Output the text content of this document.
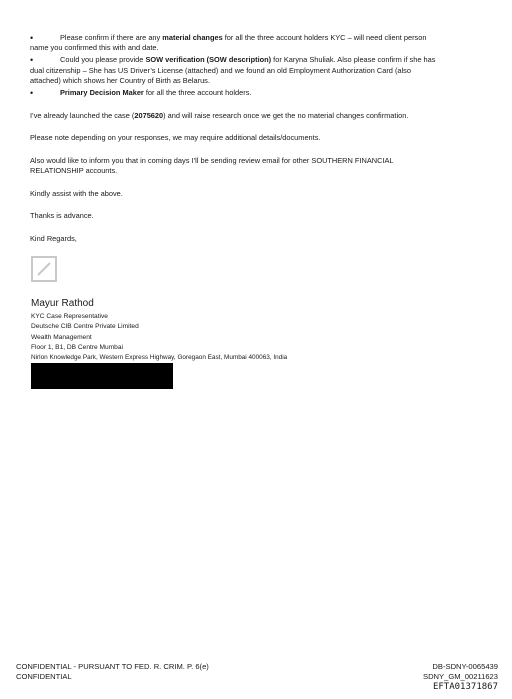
•	Please confirm if there are any material changes for all the three account holders KYC – will need client person
name you confirmed this with and date.
•	Could you please provide SOW verification (SOW description) for Karyna Shuliak. Also please confirm if she has
dual citizenship – She has US Driver’s License (attached) and we found an old Employment Authorization Card (also
attached) which shows her Country of Birth as Belarus.
•	Primary Decision Maker for all the three account holders.
I’ve already launched the case (2075620) and will raise research once we get the no material changes confirmation.
Please note depending on your responses, we may require additional details/documents.
Also would like to inform you that in coming days I’ll be sending review email for other SOUTHERN FINANCIAL
RELATIONSHIP accounts.
Kindly assist with the above.
Thanks is advance.
Kind Regards,
Mayur Rathod
KYC Case Representative
Deutsche CIB Centre Private Limited
Wealth Management
Floor 1, B1, DB Centre Mumbai
Nirlon Knowledge Park, Western Express Highway, Goregaon East, Mumbai 400063, India
CONFIDENTIAL - PURSUANT TO FED. R. CRIM. P. 6(e)
CONFIDENTIAL
DB-SDNY-0065439
SDNY_GM_00211623
EFTA01371867
